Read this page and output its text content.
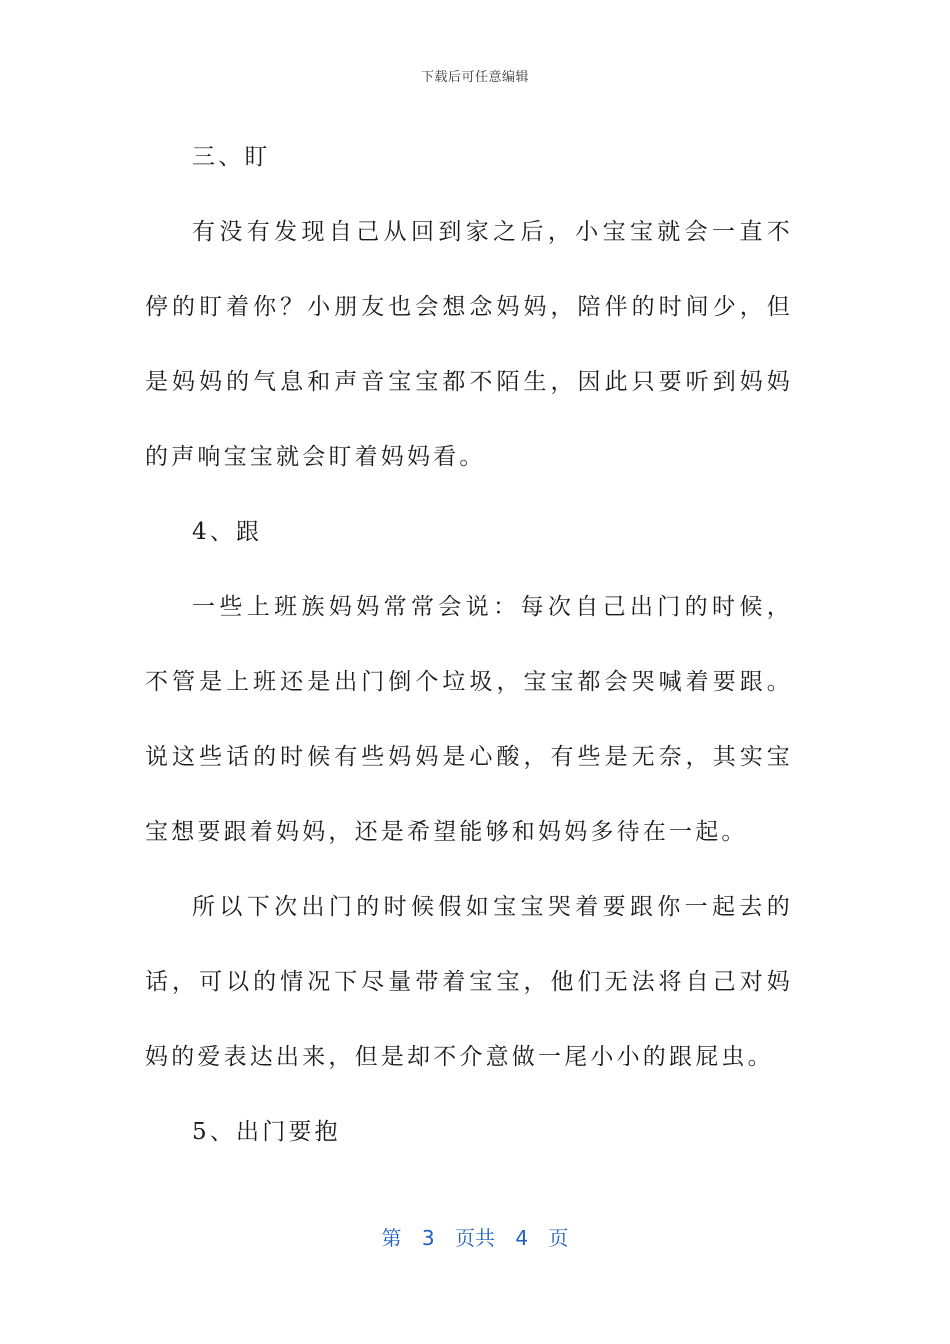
下载后可任意编辑

三、盯

有没有发现自己从回到家之后，小宝宝就会一直不停的盯着你？小朋友也会想念妈妈，陪伴的时间少，但是妈妈的气息和声音宝宝都不陌生，因此只要听到妈妈的声响宝宝就会盯着妈妈看。

4、跟

一些上班族妈妈常常会说：每次自己出门的时候，不管是上班还是出门倒个垃圾，宝宝都会哭喊着要跟。说这些话的时候有些妈妈是心酸，有些是无奈，其实宝宝想要跟着妈妈，还是希望能够和妈妈多待在一起。

所以下次出门的时候假如宝宝哭着要跟你一起去的话，可以的情况下尽量带着宝宝，他们无法将自己对妈妈的爱表达出来，但是却不介意做一尾小小的跟屁虫。

5、出门要抱

第 3 页共 4 页
